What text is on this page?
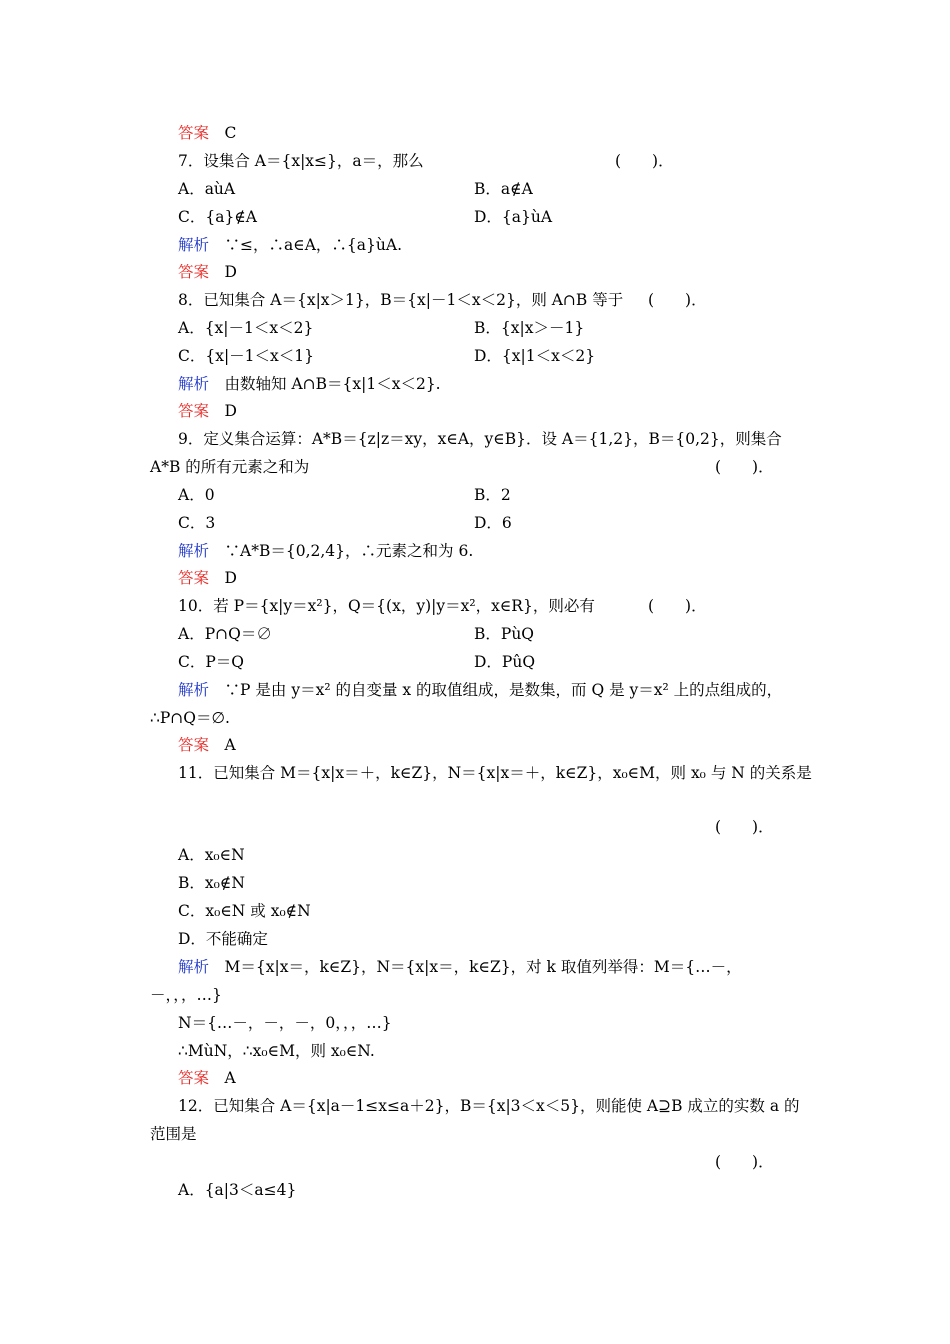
答案　 C
7．设集合 A＝{x|x≤}，a＝，那么	(　　)．
A．aùA	B．a∉A
C．{a}∉A	D．{a}ùA
解析　 ∵≤，∴a∈A，∴{a}ùA.
答案　 D
8．已知集合 A＝{x|x＞1}，B＝{x|－1＜x＜2}，则 A∩B 等于 (　　)．
A．{x|－1＜x＜2}	B．{x|x＞－1}
C．{x|－1＜x＜1}	D．{x|1＜x＜2}
解析　 由数轴知 A∩B＝{x|1＜x＜2}.
答案　 D
9．定义集合运算：A*B＝{z|z＝xy，x∈A，y∈B}．设 A＝{1,2}，B＝{0,2}，则集合
A*B 的所有元素之和为	(　　)．
A．0	B．2
C．3	D．6
解析　 ∵A*B＝{0,2,4}，∴元素之和为 6.
答案　 D
10．若 P＝{x|y＝x²}，Q＝{(x，y)|y＝x²，x∈R}，则必有	(　　)．
A．P∩Q＝∅	B．PùQ
C．P＝Q	D．PûQ
解析　 ∵P 是由 y＝x² 的自变量 x 的取值组成，是数集，而 Q 是 y＝x² 上的点组成的，
∴P∩Q＝∅.
答案　 A
11．已知集合 M＝{x|x＝＋，k∈Z}，N＝{x|x＝＋，k∈Z}，x₀∈M，则 x₀ 与 N 的关系是
(　　)．
A．x₀∈N
B．x₀∉N
C．x₀∈N 或 x₀∉N
D．不能确定
解析　 M＝{x|x＝，k∈Z}，N＝{x|x＝，k∈Z}，对 k 取值列举得：M＝{…－，
－，，，…}
N＝{…－，－，－，0，，，…}
∴MùN，∴x₀∈M，则 x₀∈N.
答案　 A
12．已知集合 A＝{x|a－1≤x≤a＋2}，B＝{x|3＜x＜5}，则能使 A⊇B 成立的实数 a 的
范围是
(　　)．
A．{a|3＜a≤4}
